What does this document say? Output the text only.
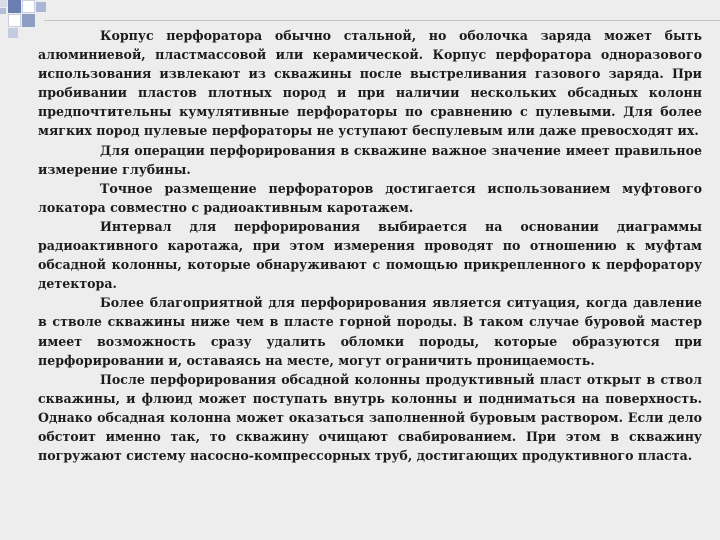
Корпус перфоратора обычно стальной, но оболочка заряда может быть алюминиевой, пластмассовой или керамической. Корпус перфоратора одноразового использования извлекают из скважины после выстреливания газового заряда. При пробивании пластов плотных пород и при наличии нескольких обсадных колонн предпочтительны кумулятивные перфораторы по сравнению с пулевыми. Для более мягких пород пулевые перфораторы не уступают беспулевым или даже превосходят их.

Для операции перфорирования в скважине важное значение имеет правильное измерение глубины.

Точное размещение перфораторов достигается использованием муфтового локатора совместно с радиоактивным каротажем.

Интервал для перфорирования выбирается на основании диаграммы радиоактивного каротажа, при этом измерения проводят по отношению к муфтам обсадной колонны, которые обнаруживают с помощью прикрепленного к перфоратору детектора.

Более благоприятной для перфорирования является ситуация, когда давление в стволе скважины ниже чем в пласте горной породы. В таком случае буровой мастер имеет возможность сразу удалить обломки породы, которые образуются при перфорировании и, оставаясь на месте, могут ограничить проницаемость.

После перфорирования обсадной колонны продуктивный пласт открыт в ствол скважины, и флюид может поступать внутрь колонны и подниматься на поверхность. Однако обсадная колонна может оказаться заполненной буровым раствором. Если дело обстоит именно так, то скважину очищают свабированием. При этом в скважину погружают систему насосно-компрессорных труб, достигающих продуктивного пласта.
